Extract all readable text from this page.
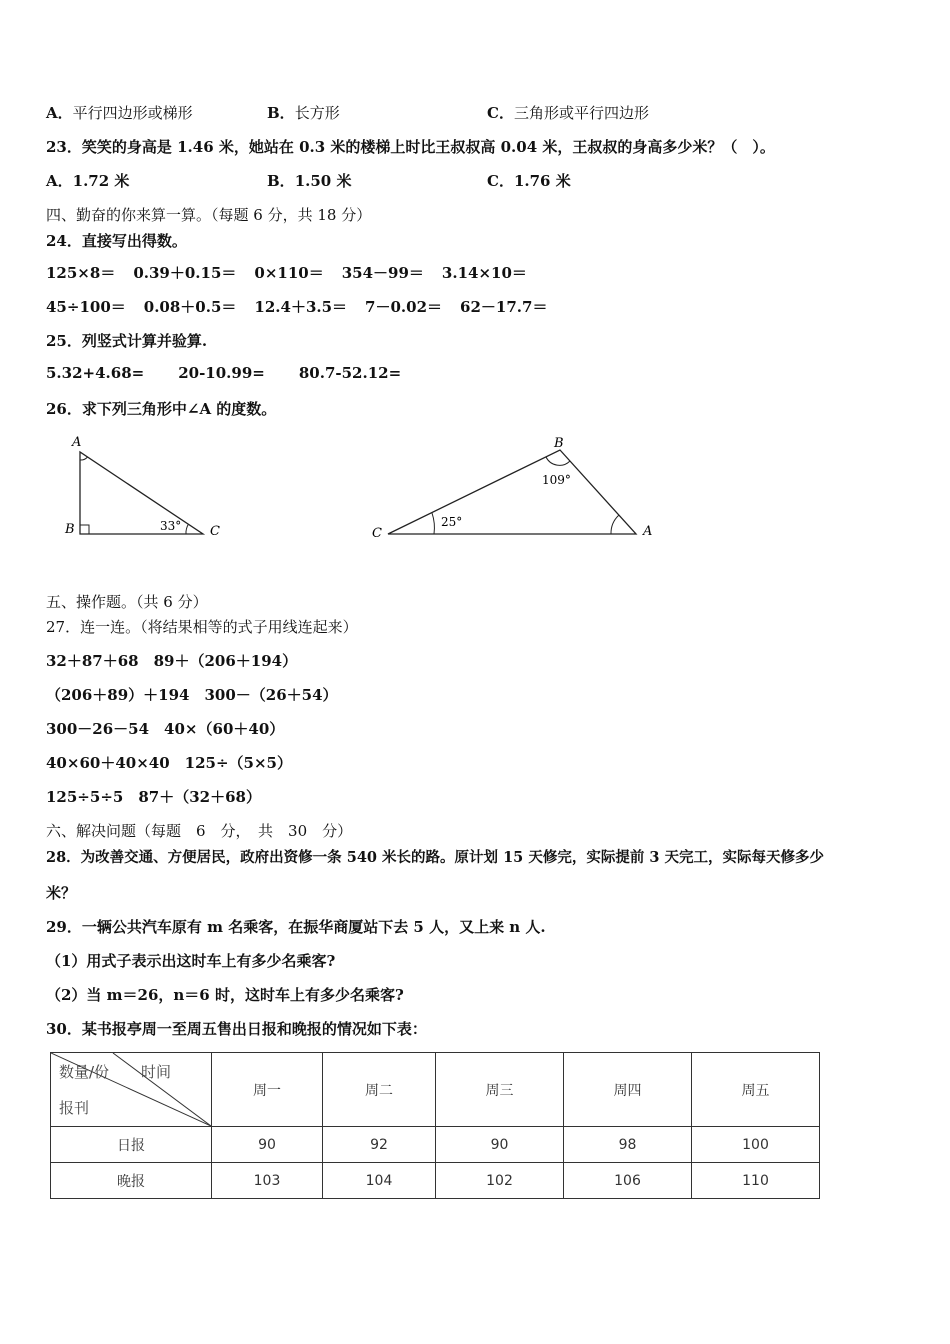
A．平行四边形或梯形	B．长方形	C．三角形或平行四边形
23．笑笑的身高是 1.46 米，她站在 0.3 米的楼梯上时比王叔叔高 0.04 米，王叔叔的身高多少米？（　）。
A．1.72 米	B．1.50 米	C．1.76 米
四、勤奋的你来算一算。（每题 6 分，共 18 分）
24．直接写出得数。
125×8＝ 0.39＋0.15＝ 0×110＝ 354－99＝ 3.14×10＝
45÷100＝ 0.08＋0.5＝ 12.4＋3.5＝ 7－0.02＝ 62－17.7＝
25．列竖式计算并验算.
5.32+4.68= 20-10.99= 80.7-52.12=
26．求下列三角形中∠A 的度数。
A
B	C
33°
B
C	A
109°
25°
五、操作题。（共 6 分）
27．连一连。（将结果相等的式子用线连起来）
32＋87＋68　89＋（206＋194）
（206＋89）＋194　300－（26＋54）
300－26－54　40×（60＋40）
40×60＋40×40　125÷（5×5）
125÷5÷5　87＋（32＋68）
六、解决问题（每题　6　分，　共　30　分）
28．为改善交通、方便居民，政府出资修一条 540 米长的路。原计划 15 天修完，实际提前 3 天完工，实际每天修多少
米？
29．一辆公共汽车原有 m 名乘客，在振华商厦站下去 5 人，又上来 n 人.
（1）用式子表示出这时车上有多少名乘客?
（2）当 m＝26，n＝6 时，这时车上有多少名乘客?
30．某书报亭周一至周五售出日报和晚报的情况如下表：
数量/份 时间
报刊	周一	周二	周三	周四	周五
日报	90	92	90	98	100
晚报	103	104	102	106	110
